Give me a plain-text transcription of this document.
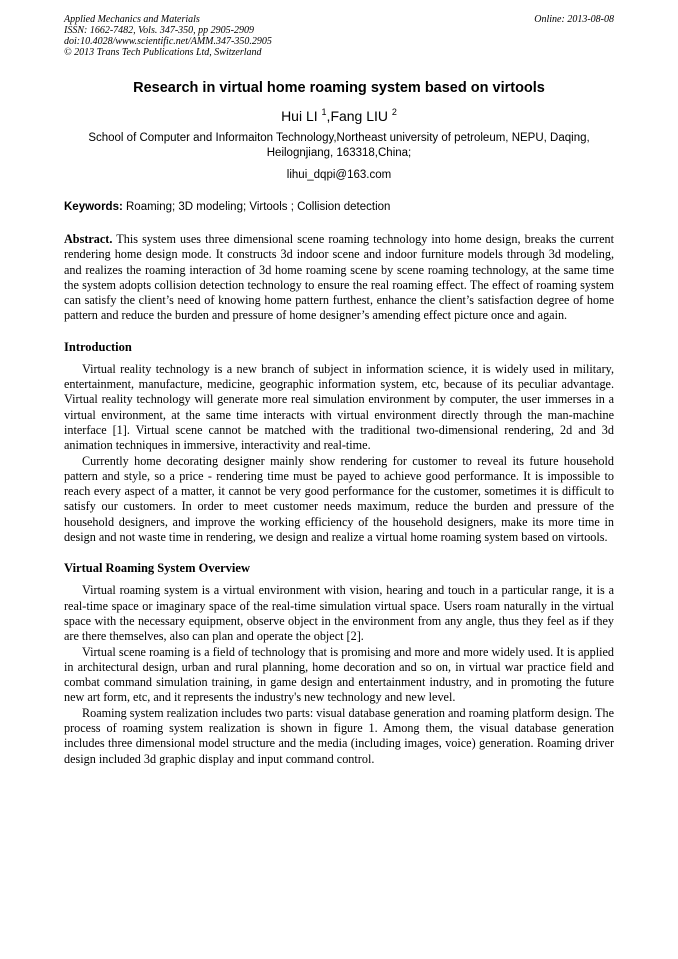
Applied Mechanics and Materials
ISSN: 1662-7482, Vols. 347-350, pp 2905-2909
doi:10.4028/www.scientific.net/AMM.347-350.2905
© 2013 Trans Tech Publications Ltd, Switzerland
Online: 2013-08-08
Research in virtual home roaming system based on virtools
Hui LI $^1$,Fang LIU $^2$
School of Computer and Informaiton Technology,Northeast university of petroleum, NEPU, Daqing, Heilognjiang, 163318,China;
lihui_dqpi@163.com
Keywords: Roaming; 3D modeling; Virtools ; Collision detection

Abstract. This system uses three dimensional scene roaming technology into home design, breaks the current rendering home design mode. It constructs 3d indoor scene and indoor furniture models through 3d modeling, and realizes the roaming interaction of 3d home roaming scene by scene roaming technology, at the same time the system adopts collision detection technology to ensure the real roaming effect. The effect of roaming system can satisfy the client’s need of knowing home pattern furthest, enhance the client’s satisfaction degree of home pattern and reduce the burden and pressure of home designer’s amending effect picture once and again.

Introduction

Virtual reality technology is a new branch of subject in information science, it is widely used in military, entertainment, manufacture, medicine, geographic information system, etc, because of its peculiar advantage. Virtual reality technology will generate more real simulation environment by computer, the user immerses in a virtual environment, at the same time interacts with virtual environment directly through the man-machine interface [1]. Virtual scene cannot be matched with the traditional two-dimensional rendering, 2d and 3d animation techniques in immersive, interactivity and real-time.

Currently home decorating designer mainly show rendering for customer to reveal its future household pattern and style, so a price - rendering time must be payed to achieve good performance. It is impossible to reach every aspect of a matter, it cannot be very good performance for the customer, sometimes it is difficult to satisfy our customers. In order to meet customer needs maximum, reduce the burden and pressure of the household designers, and improve the working efficiency of the household designers, make its more time in design and not waste time in rendering, we design and realize a virtual home roaming system based on virtools.

Virtual Roaming System Overview

Virtual roaming system is a virtual environment with vision, hearing and touch in a particular range, it is a real-time space or imaginary space of the real-time simulation virtual space. Users roam naturally in the virtual space with the necessary equipment, observe object in the environment from any angle, thus they feel as if they are there themselves, also can plan and operate the object [2].

Virtual scene roaming is a field of technology that is promising and more and more widely used. It is applied in architectural design, urban and rural planning, home decoration and so on, in virtual war practice field and combat command simulation training, in game design and entertainment industry, and in promoting the future new art form, etc, and it represents the industry's new technology and new level.

Roaming system realization includes two parts: visual database generation and roaming platform design. The process of roaming system realization is shown in figure 1. Among them, the visual database generation includes three dimensional model structure and the media (including images, voice) generation. Roaming driver design included 3d graphic display and input command control.
